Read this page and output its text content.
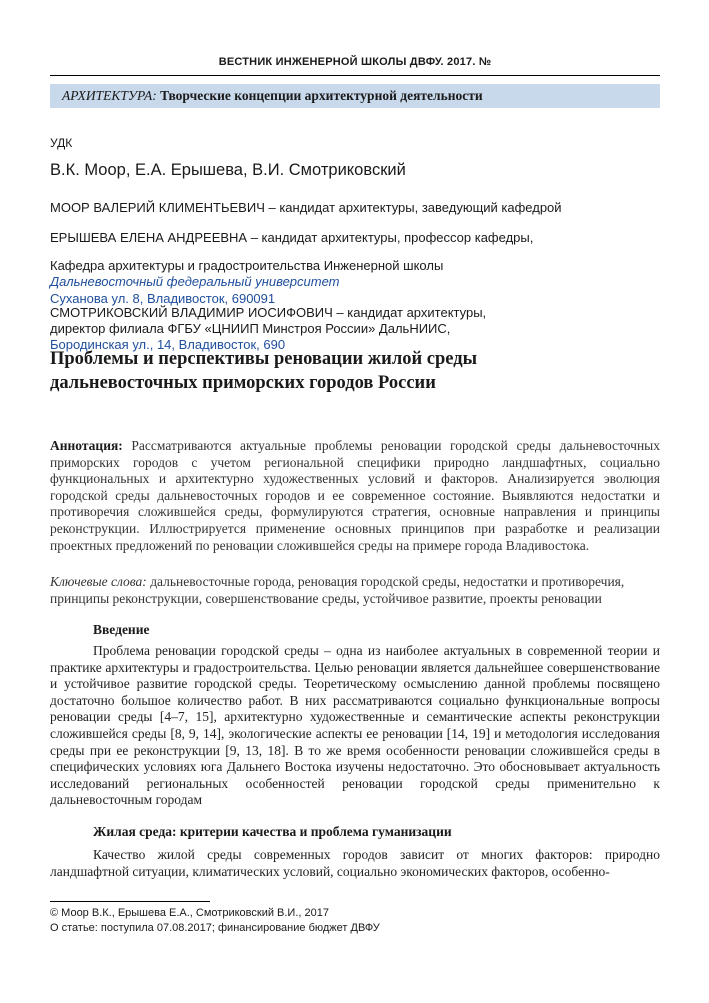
ВЕСТНИК ИНЖЕНЕРНОЙ ШКОЛЫ ДВФУ. 2017. №
АРХИТЕКТУРА: Творческие концепции архитектурной деятельности
УДК
В.К. Моор, Е.А. Ерышева, В.И. Смотриковский
МООР ВАЛЕРИЙ КЛИМЕНТЬЕВИЧ – кандидат архитектуры, заведующий кафедрой
ЕРЫШЕВА ЕЛЕНА АНДРЕЕВНА – кандидат архитектуры, профессор кафедры,
Кафедра архитектуры и градостроительства Инженерной школы
Дальневосточный федеральный университет
Суханова ул. 8, Владивосток, 690091
СМОТРИКОВСКИЙ ВЛАДИМИР ИОСИФОВИЧ – кандидат архитектуры,
директор филиала ФГБУ «ЦНИИП Минстроя России» ДальНИИС,
Бородинская ул., 14, Владивосток, 690
Проблемы и перспективы реновации жилой среды
дальневосточных приморских городов России
Аннотация: Рассматриваются актуальные проблемы реновации городской среды дальневосточных приморских городов с учетом региональной специфики природно ландшафтных, социально функциональных и архитектурно художественных условий и факторов. Анализируется эволюция городской среды дальневосточных городов и ее современное состояние. Выявляются недостатки и противоречия сложившейся среды, формулируются стратегия, основные направления и принципы реконструкции. Иллюстрируется применение основных принципов при разработке и реализации проектных предложений по реновации сложившейся среды на примере города Владивостока.
Ключевые слова: дальневосточные города, реновация городской среды, недостатки и противоречия, принципы реконструкции, совершенствование среды, устойчивое развитие, проекты реновации
Введение
Проблема реновации городской среды – одна из наиболее актуальных в современной теории и практике архитектуры и градостроительства. Целью реновации является дальнейшее совершенствование и устойчивое развитие городской среды. Теоретическому осмыслению данной проблемы посвящено достаточно большое количество работ. В них рассматриваются социально функциональные вопросы реновации среды [4–7, 15], архитектурно художественные и семантические аспекты реконструкции сложившейся среды [8, 9, 14], экологические аспекты ее реновации [14, 19] и методология исследования среды при ее реконструкции [9, 13, 18]. В то же время особенности реновации сложившейся среды в специфических условиях юга Дальнего Востока изучены недостаточно. Это обосновывает актуальность исследований региональных особенностей реновации городской среды применительно к дальневосточным городам
Жилая среда: критерии качества и проблема гуманизации
Качество жилой среды современных городов зависит от многих факторов: природно ландшафтной ситуации, климатических условий, социально экономических факторов, особенно-
© Моор В.К., Ерышева Е.А., Смотриковский В.И., 2017
О статье: поступила 07.08.2017; финансирование бюджет ДВФУ
